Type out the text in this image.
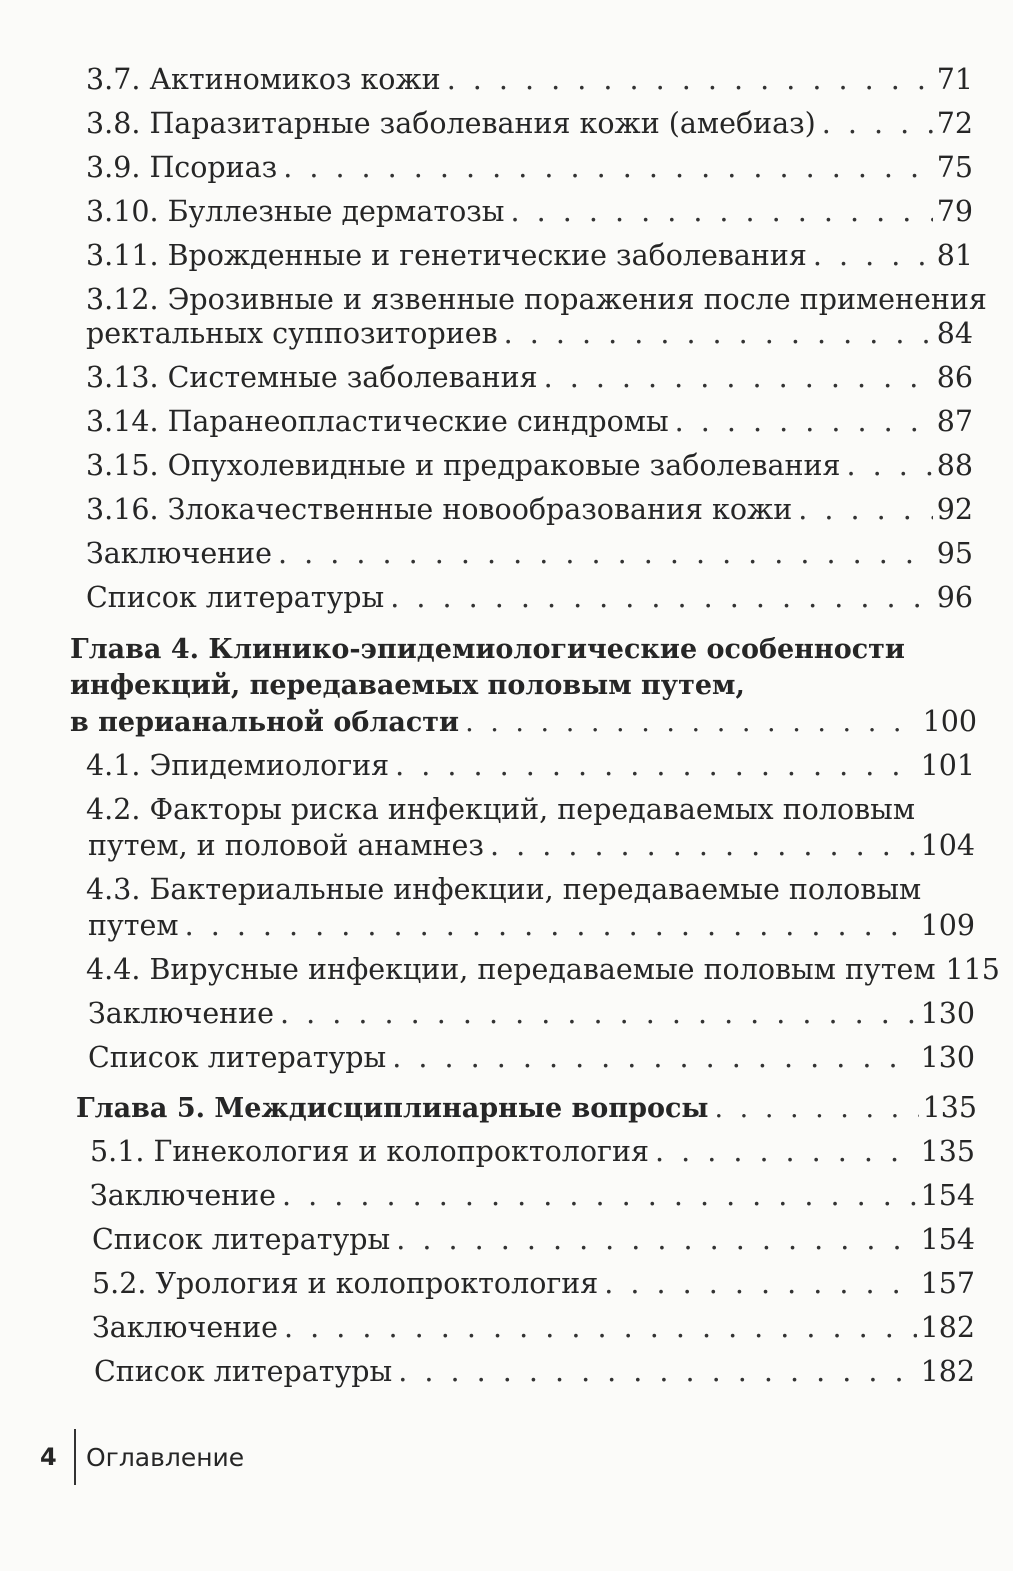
3.7. Актиномикоз кожи . . .	71
3.8. Паразитарные заболевания кожи (амебиаз) . . .	72
3.9. Псориаз . . .	75
3.10. Буллезные дерматозы . . .	79
3.11. Врожденные и генетические заболевания . . .	81
3.12. Эрозивные и язвенные поражения после применения
ректальных суппозиториев . . .	84
3.13. Системные заболевания . . .	86
3.14. Паранеопластические синдромы . . .	87
3.15. Опухолевидные и предраковые заболевания . . .	88
3.16. Злокачественные новообразования кожи . . .	92
Заключение . . .	95
Список литературы . . .	96
Глава 4. Клинико-эпидемиологические особенности
инфекций, передаваемых половым путем,
в перианальной области . . .	100
4.1. Эпидемиология . . .	101
4.2. Факторы риска инфекций, передаваемых половым
путем, и половой анамнез . . .	104
4.3. Бактериальные инфекции, передаваемые половым
путем . . .	109
4.4. Вирусные инфекции, передаваемые половым путем 115
Заключение . . .	130
Список литературы . . .	130
Глава 5. Междисциплинарные вопросы . . .	135
5.1. Гинекология и колопроктология . . .	135
Заключение . . .	154
Список литературы . . .	154
5.2. Урология и колопроктология . . .	157
Заключение . . .	182
Список литературы . . .	182
4	Оглавление
